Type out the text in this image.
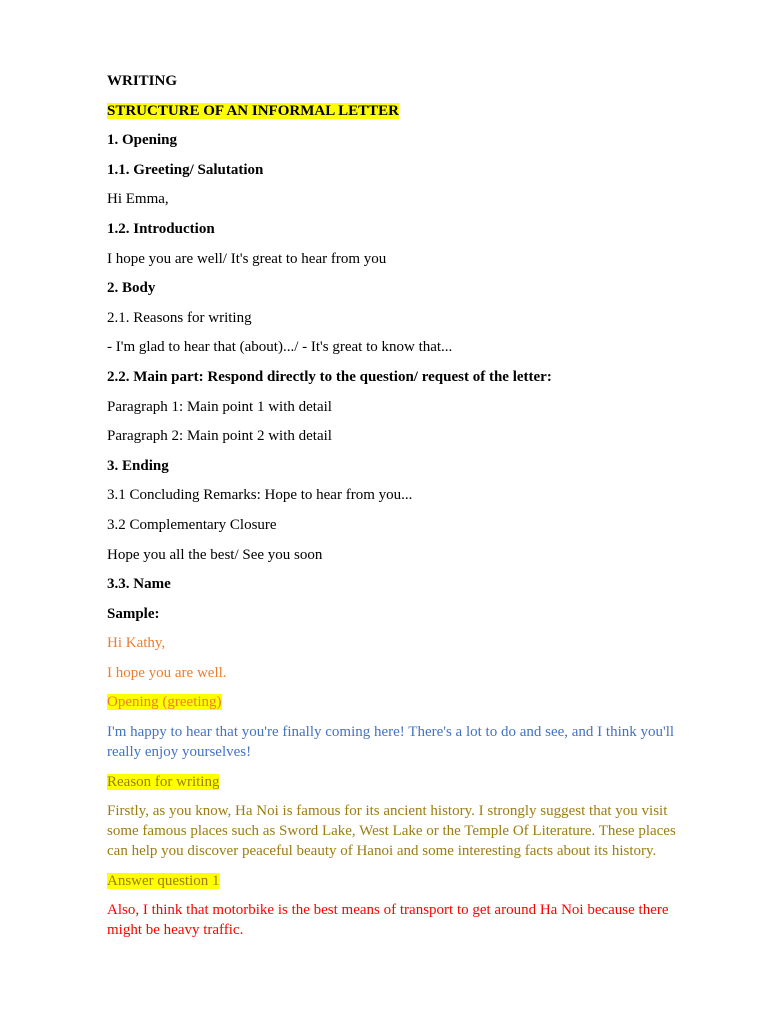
WRITING

STRUCTURE OF AN INFORMAL LETTER

1. Opening

1.1. Greeting/ Salutation

Hi Emma,

1.2. Introduction

I hope you are well/ It's great to hear from you

2. Body

2.1. Reasons for writing

- I'm glad to hear that (about).../ - It's great to know that...

2.2. Main part: Respond directly to the question/ request of the letter:

Paragraph 1: Main point 1 with detail

Paragraph 2: Main point 2 with detail

3. Ending

3.1 Concluding Remarks: Hope to hear from you...

3.2 Complementary Closure

Hope you all the best/ See you soon

3.3. Name

Sample:

Hi Kathy,

I hope you are well.

Opening (greeting)

I'm happy to hear that you're finally coming here! There's a lot to do and see, and I think you'll really enjoy yourselves!

Reason for writing

Firstly, as you know, Ha Noi is famous for its ancient history. I strongly suggest that you visit some famous places such as Sword Lake, West Lake or the Temple Of Literature. These places can help you discover peaceful beauty of Hanoi and some interesting facts about its history.

Answer question 1

Also, I think that motorbike is the best means of transport to get around Ha Noi because there might be heavy traffic.
